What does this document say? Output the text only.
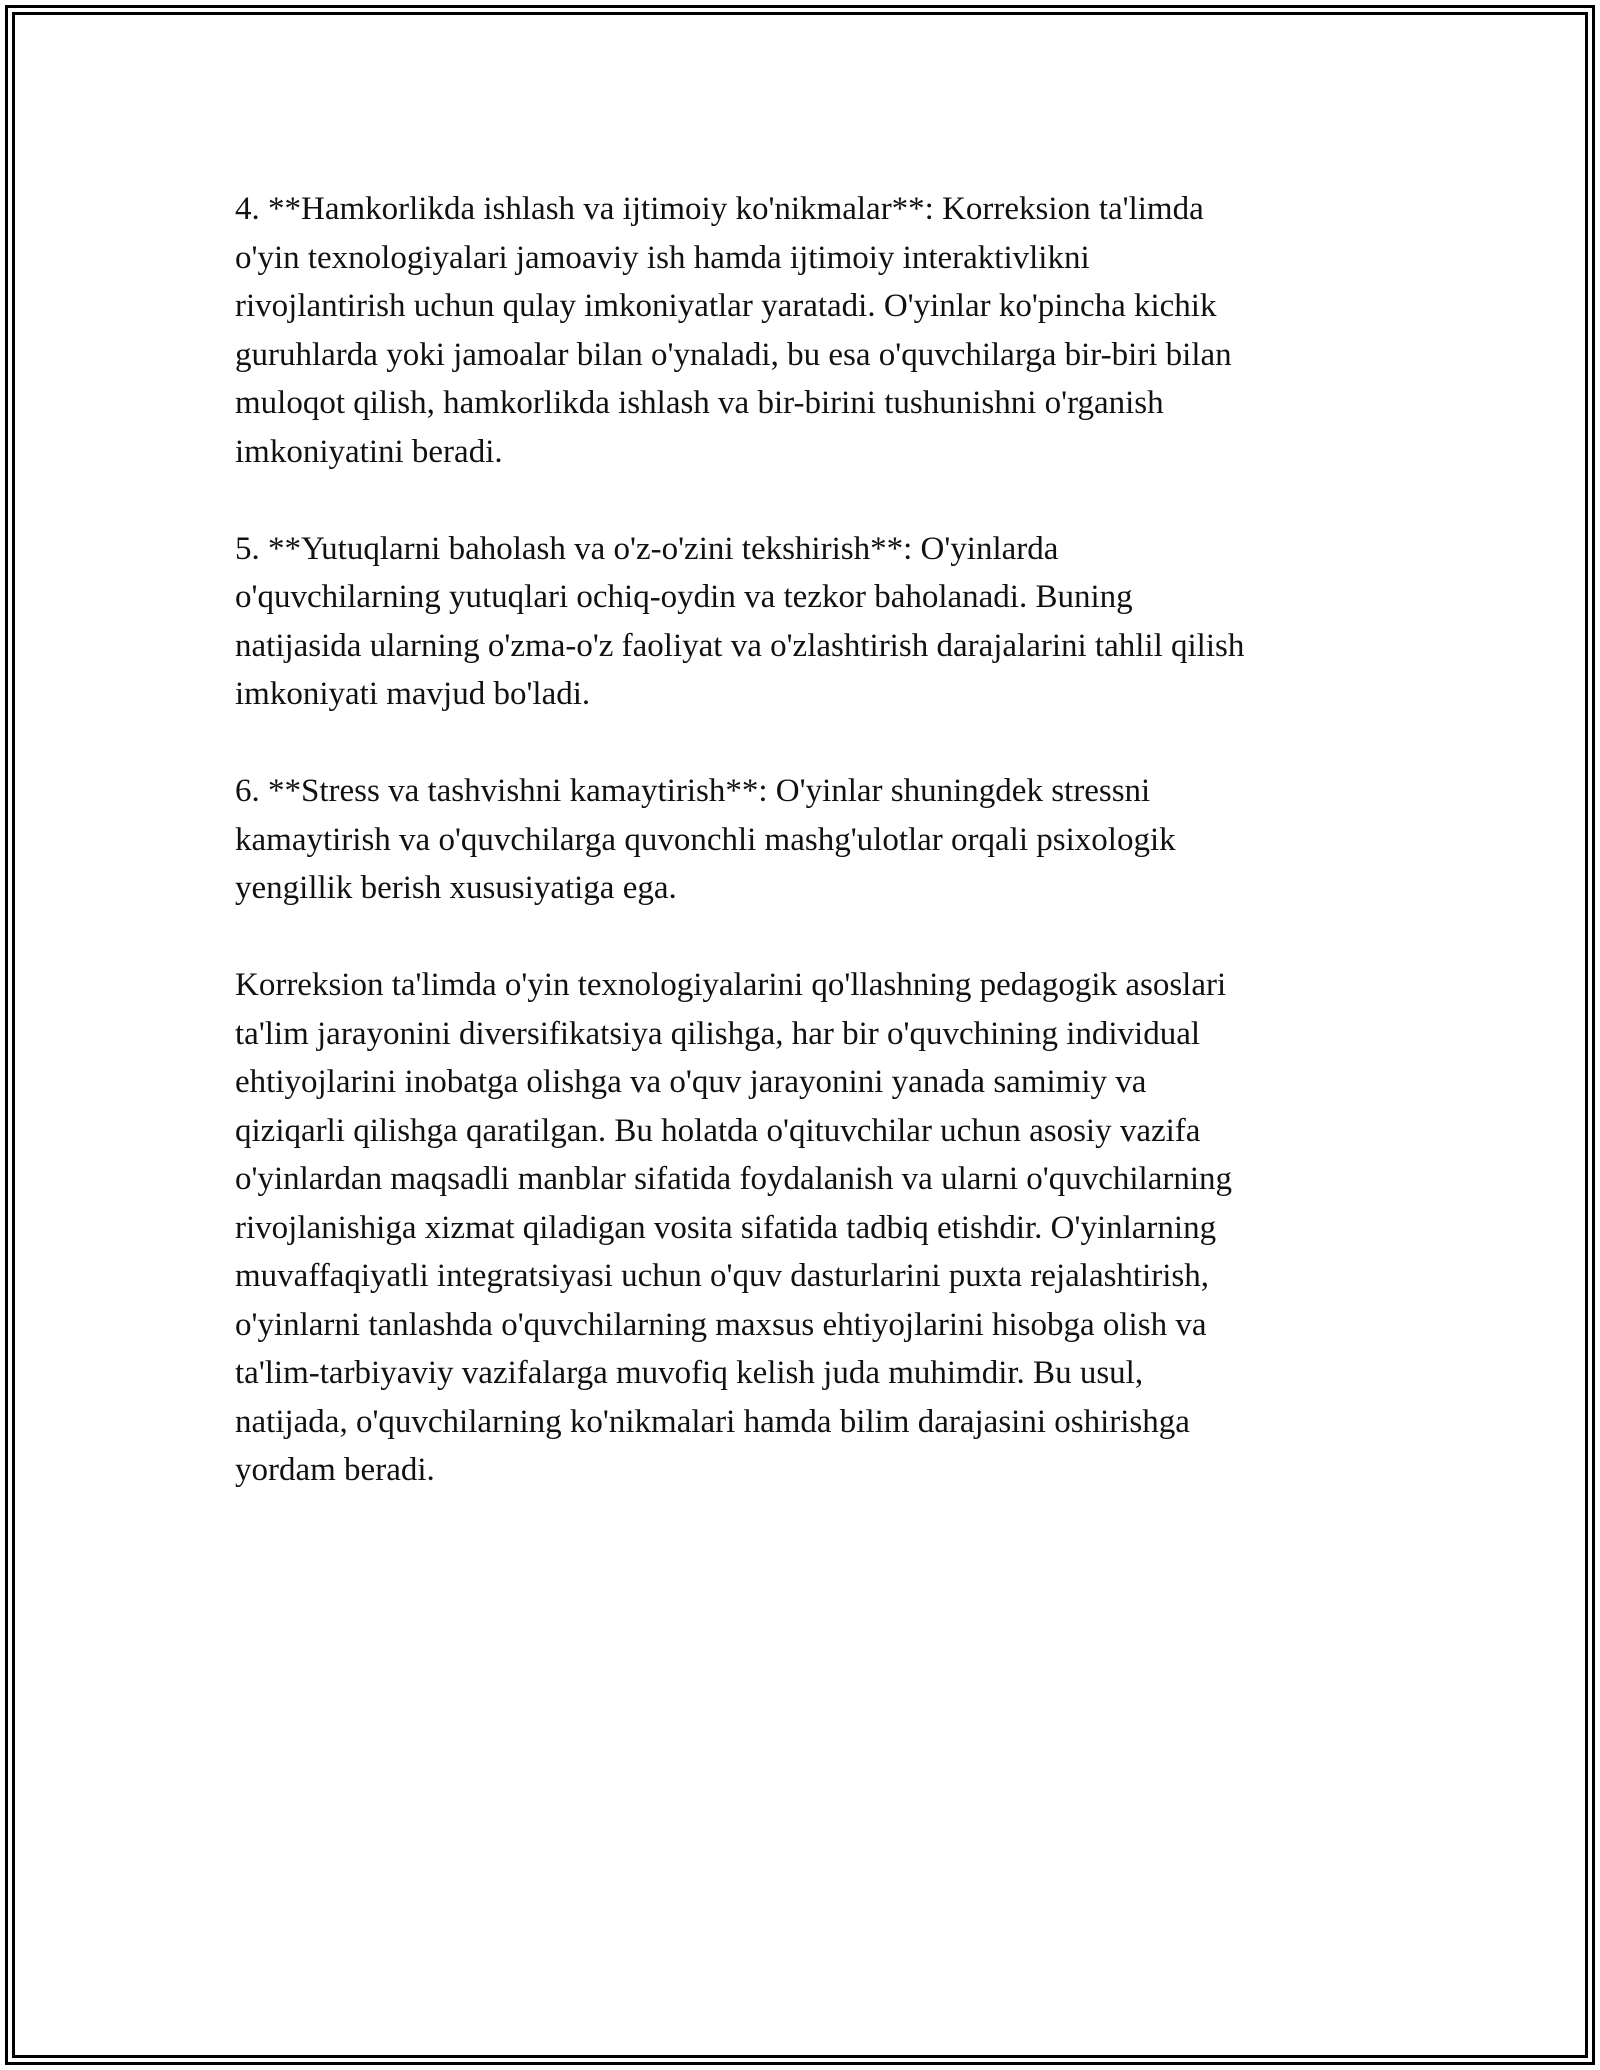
4. **Hamkorlikda ishlash va ijtimoiy ko'nikmalar**: Korreksion ta'limda
o'yin texnologiyalari jamoaviy ish hamda ijtimoiy interaktivlikni
rivojlantirish uchun qulay imkoniyatlar yaratadi. O'yinlar ko'pincha kichik
guruhlarda yoki jamoalar bilan o'ynaladi, bu esa o'quvchilarga bir-biri bilan
muloqot qilish, hamkorlikda ishlash va bir-birini tushunishni o'rganish
imkoniyatini beradi.

5. **Yutuqlarni baholash va o'z-o'zini tekshirish**: O'yinlarda
o'quvchilarning yutuqlari ochiq-oydin va tezkor baholanadi. Buning
natijasida ularning o'zma-o'z faoliyat va o'zlashtirish darajalarini tahlil qilish
imkoniyati mavjud bo'ladi.

6. **Stress va tashvishni kamaytirish**: O'yinlar shuningdek stressni
kamaytirish va o'quvchilarga quvonchli mashg'ulotlar orqali psixologik
yengillik berish xususiyatiga ega.

Korreksion ta'limda o'yin texnologiyalarini qo'llashning pedagogik asoslari
ta'lim jarayonini diversifikatsiya qilishga, har bir o'quvchining individual
ehtiyojlarini inobatga olishga va o'quv jarayonini yanada samimiy va
qiziqarli qilishga qaratilgan. Bu holatda o'qituvchilar uchun asosiy vazifa
o'yinlardan maqsadli manblar sifatida foydalanish va ularni o'quvchilarning
rivojlanishiga xizmat qiladigan vosita sifatida tadbiq etishdir. O'yinlarning
muvaffaqiyatli integratsiyasi uchun o'quv dasturlarini puxta rejalashtirish,
o'yinlarni tanlashda o'quvchilarning maxsus ehtiyojlarini hisobga olish va
ta'lim-tarbiyaviy vazifalarga muvofiq kelish juda muhimdir. Bu usul,
natijada, o'quvchilarning ko'nikmalari hamda bilim darajasini oshirishga
yordam beradi.
